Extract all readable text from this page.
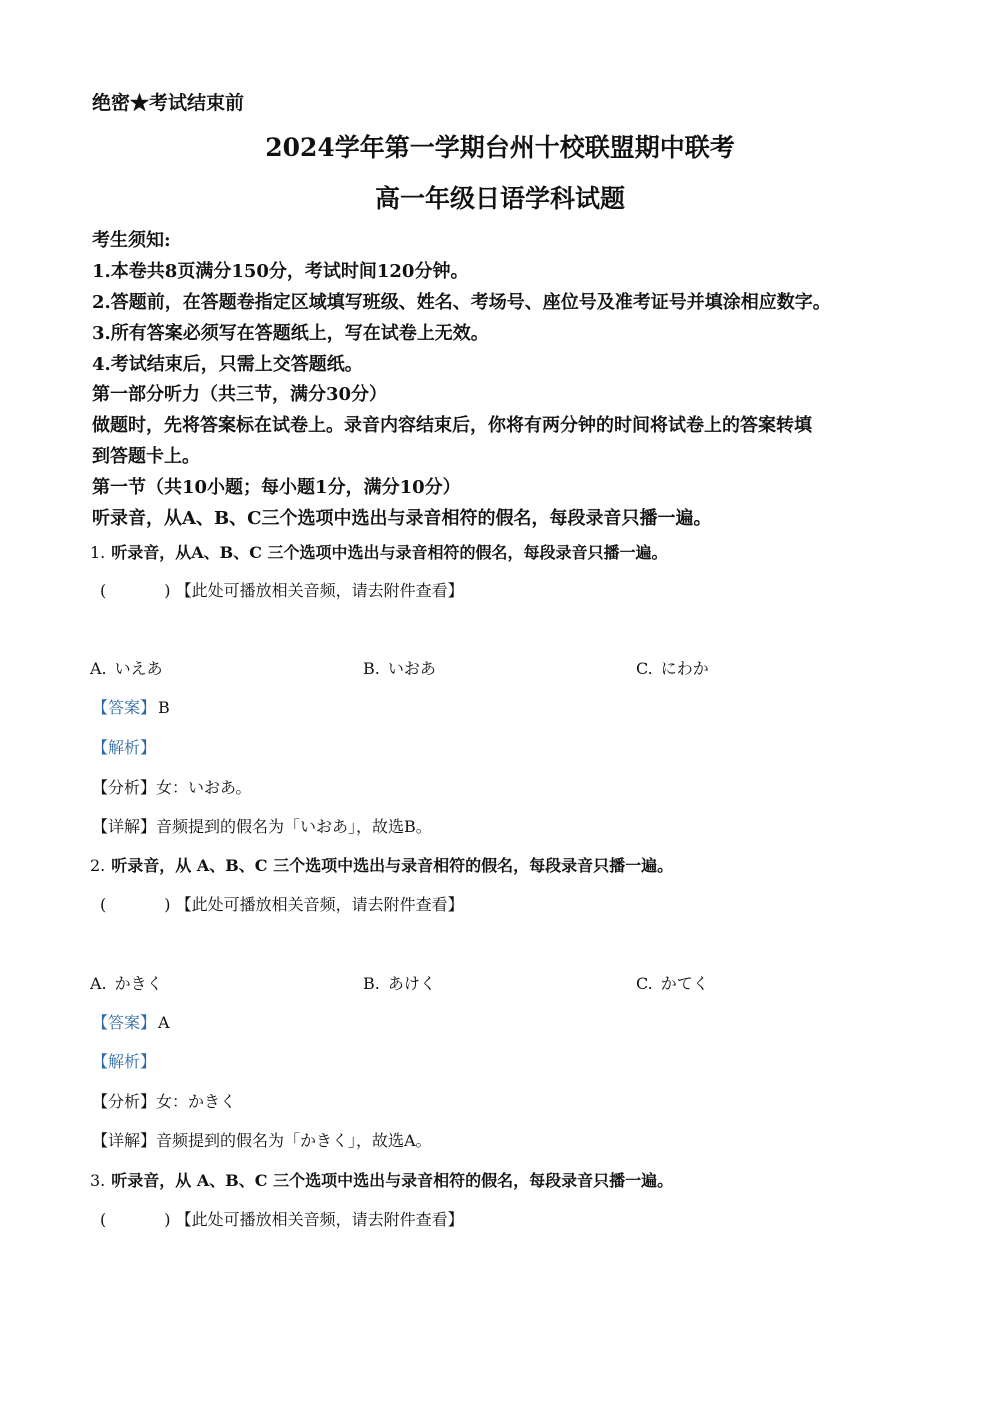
绝密★考试结束前
2024学年第一学期台州十校联盟期中联考
高一年级日语学科试题
考生须知:
1.本卷共8页满分150分，考试时间120分钟。
2.答题前，在答题卷指定区域填写班级、姓名、考场号、座位号及准考证号并填涂相应数字。
3.所有答案必须写在答题纸上，写在试卷上无效。
4.考试结束后，只需上交答题纸。
第一部分听力（共三节，满分30分）
做题时，先将答案标在试卷上。录音内容结束后，你将有两分钟的时间将试卷上的答案转填
到答题卡上。
第一节（共10小题；每小题1分，满分10分）
听录音，从A、B、C三个选项中选出与录音相符的假名，每段录音只播一遍。
1. 听录音，从A、B、C 三个选项中选出与录音相符的假名，每段录音只播一遍。
(	) 【此处可播放相关音频，请去附件查看】
A. いえあ	B. いおあ	C. にわか
【答案】 B
【解析】
【分析】女：いおあ。
【详解】音频提到的假名为「いおあ」，故选B。
2. 听录音，从 A、B、C 三个选项中选出与录音相符的假名，每段录音只播一遍。
(	) 【此处可播放相关音频，请去附件查看】
A. かきく	B. あけく	C. かてく
【答案】 A
【解析】
【分析】女：かきく
【详解】音频提到的假名为「かきく」，故选A。
3. 听录音，从 A、B、C 三个选项中选出与录音相符的假名，每段录音只播一遍。
(	) 【此处可播放相关音频，请去附件查看】
